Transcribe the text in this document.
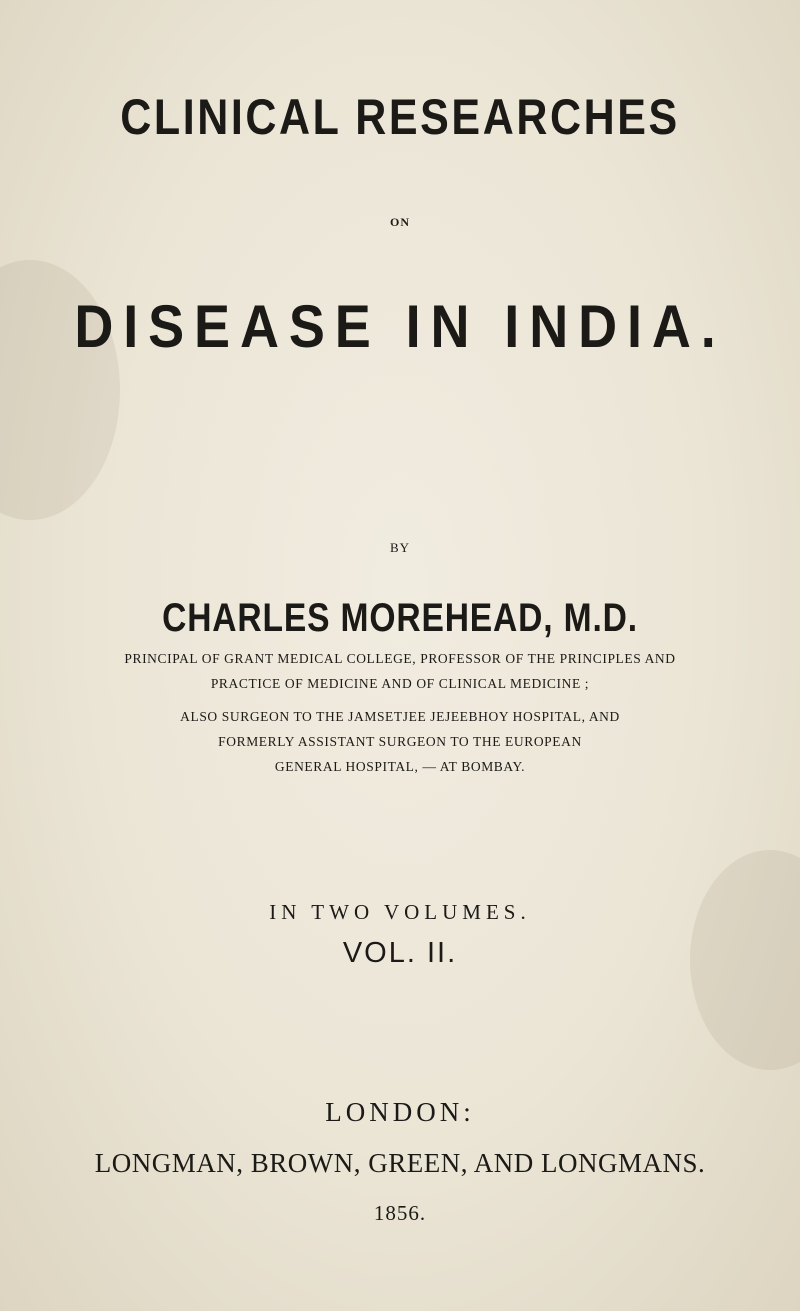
CLINICAL RESEARCHES
ON
DISEASE IN INDIA.
BY
CHARLES MOREHEAD, M.D.
PRINCIPAL OF GRANT MEDICAL COLLEGE, PROFESSOR OF THE PRINCIPLES AND
PRACTICE OF MEDICINE AND OF CLINICAL MEDICINE ;
ALSO SURGEON TO THE JAMSETJEE JEJEEBHOY HOSPITAL, AND
FORMERLY ASSISTANT SURGEON TO THE EUROPEAN
GENERAL HOSPITAL, — AT BOMBAY.
IN TWO VOLUMES.
VOL. II.
LONDON:
LONGMAN, BROWN, GREEN, AND LONGMANS.
1856.
